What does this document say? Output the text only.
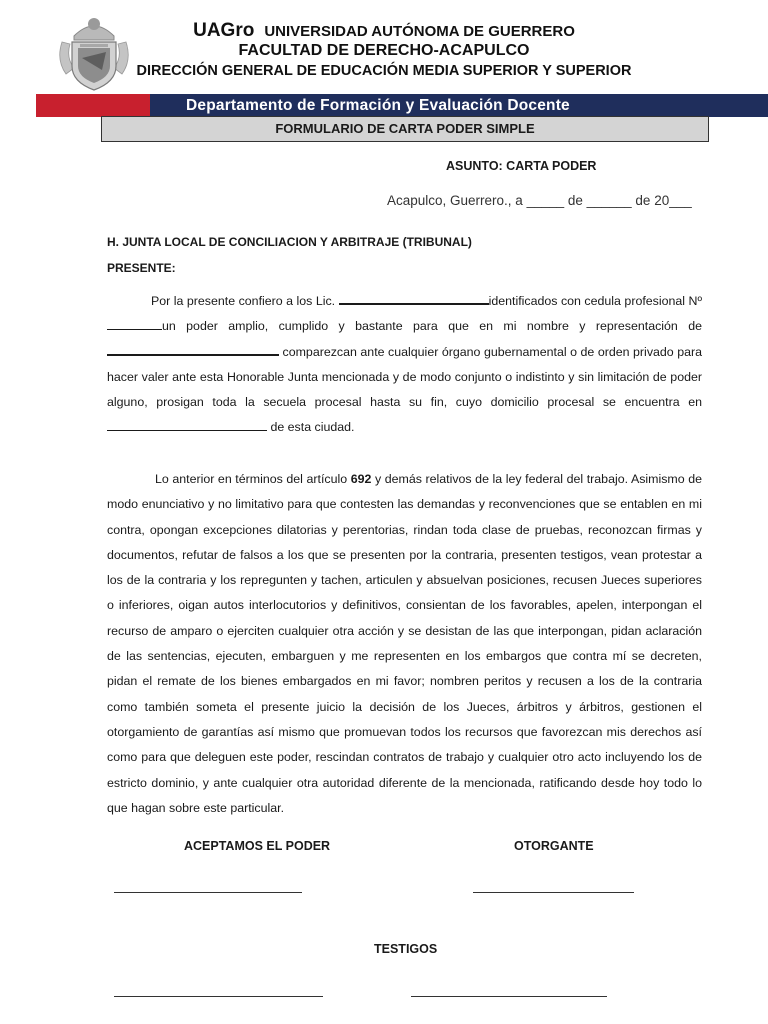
UAGro UNIVERSIDAD AUTÓNOMA DE GUERRERO
FACULTAD DE DERECHO-ACAPULCO
DIRECCIÓN GENERAL DE EDUCACIÓN MEDIA SUPERIOR Y SUPERIOR
Departamento de Formación y Evaluación Docente
FORMULARIO DE CARTA PODER SIMPLE
ASUNTO: CARTA PODER
Acapulco, Guerrero., a _____ de ______ de 20___
H. JUNTA LOCAL DE CONCILIACION Y ARBITRAJE (TRIBUNAL)
PRESENTE:
Por la presente confiero a los Lic.	identificados con cedula profesional Nº un poder amplio, cumplido y bastante para que en mi nombre y representación de  comparezcan ante cualquier órgano gubernamental o de orden privado para hacer valer ante esta Honorable Junta mencionada y de modo conjunto o indistinto y sin limitación de poder alguno, prosigan toda la secuela procesal hasta su fin, cuyo domicilio procesal se encuentra en  de esta ciudad.
Lo anterior en términos del artículo 692 y demás relativos de la ley federal del trabajo. Asimismo de modo enunciativo y no limitativo para que contesten las demandas y reconvenciones que se entablen en mi contra, opongan excepciones dilatorias y perentorias, rindan toda clase de pruebas, reconozcan firmas y documentos, refutar de falsos a los que se presenten por la contraria, presenten testigos, vean protestar a los de la contraria y los repregunten y tachen, articulen y absuelvan posiciones, recusen Jueces superiores o inferiores, oigan autos interlocutorios y definitivos, consientan de los favorables, apelen, interpongan el recurso de amparo o ejerciten cualquier otra acción y se desistan de las que interpongan, pidan aclaración de las sentencias, ejecuten, embarguen y me representen en los embargos que contra mí se decreten, pidan el remate de los bienes embargados en mi favor; nombren peritos y recusen a los de la contraria como también someta el presente juicio la decisión de los Jueces, árbitros y árbitros, gestionen el otorgamiento de garantías así mismo que promuevan todos los recursos que favorezcan mis derechos así como para que deleguen este poder, rescindan contratos de trabajo y cualquier otro acto incluyendo los de estricto dominio, y ante cualquier otra autoridad diferente de la mencionada, ratificando desde hoy todo lo que hagan sobre este particular.
ACEPTAMOS EL PODER	OTORGANTE
TESTIGOS
